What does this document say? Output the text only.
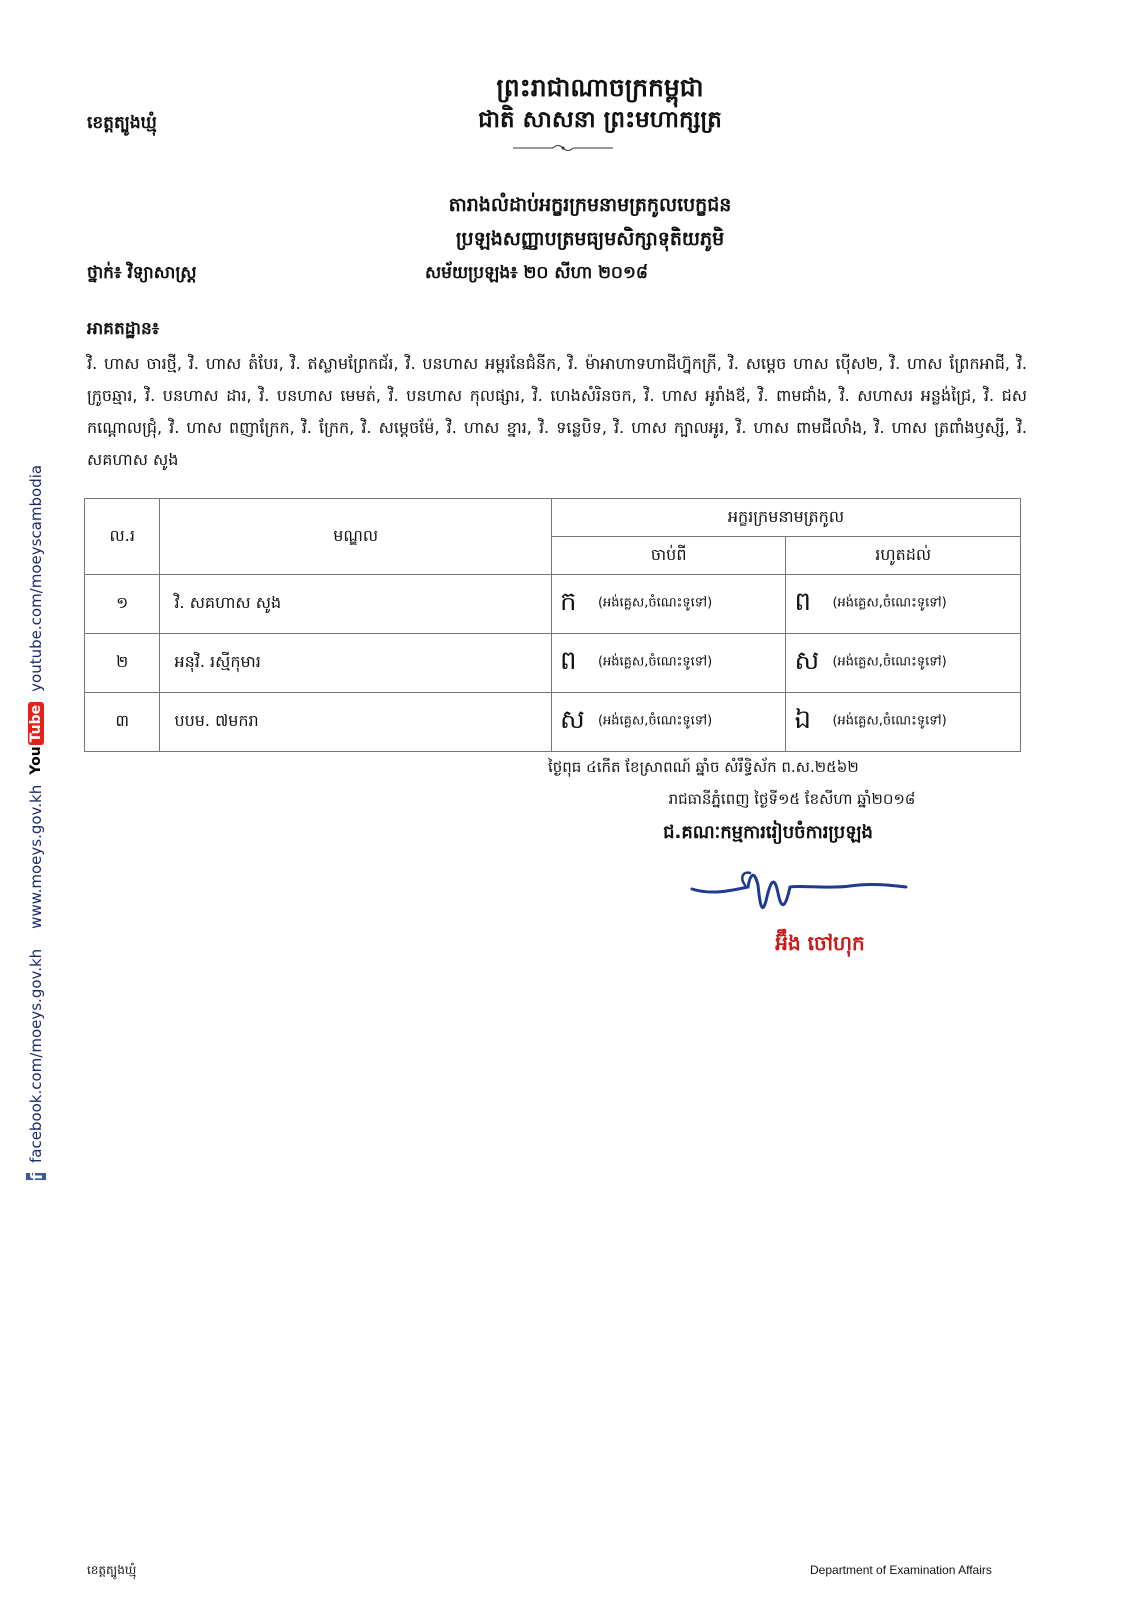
ខេត្តត្បូងឃ្មុំ
ព្រះរាជាណាចក្រកម្ពុជា
ជាតិ សាសនា ព្រះមហាក្សត្រ
តារាងលំដាប់អក្ខរក្រមនាមត្រកូលបេក្ខជន
ប្រឡងសញ្ញាបត្រមធ្យមសិក្សាទុតិយភូមិ
ថ្នាក់៖ វិទ្យាសាស្ត្រ	សម័យប្រឡង៖ ២០ សីហា ២០១៨
អាគតដ្ឋាន៖
វិ. ហាស ចារថ្មី, វិ. ហាស តំបែរ, វិ. ឥស្លាមព្រែកជ័រ, វិ. បនហាស អម្ពរនែជំនីក, វិ. ម៉ាអាហាទហាជីហ្វ៊ុកក្រី, វិ. សម្តេច ហាស ប៉ើស២, វិ. ហាស ព្រែកអាជី, វិ. ក្រូចឆ្មារ, វិ. បនហាស ដារ, វិ. បនហាស មេមត់, វិ. បនហាស កុលផ្សារ, វិ. ហេងសំរិនចក, វិ. ហាស អូរាំងឪ, វិ. ពាមជាំង, វិ. សហាសរ អន្លង់ជ្រៃ, វិ. ជស កណ្ដោលជ្រុំ, វិ. ហាស ពញាក្រែក, វិ. ក្រែក, វិ. សម្តេចម៉ែ, វិ. ហាស ខ្នារ, វិ. ទន្លេបិទ, វិ. ហាស ក្បាលអូរ, វិ. ហាស ពាមជីលាំង, វិ. ហាស ត្រពាំងឫស្សី, វិ. សគហាស សូង
ល.រ	មណ្ឌល	អក្ខរក្រមនាមត្រកូល	
		ចាប់ពី	រហូតដល់
១	វិ. សគហាស សូង	ក (អង់គ្លេស,ចំណេះទូទៅ)	ព (អង់គ្លេស,ចំណេះទូទៅ)
២	អនុវិ. រស្មីកុមារ	ព (អង់គ្លេស,ចំណេះទូទៅ)	ស (អង់គ្លេស,ចំណេះទូទៅ)
៣	បបម. ៧មករា	ស (អង់គ្លេស,ចំណេះទូទៅ)	ឯ (អង់គ្លេស,ចំណេះទូទៅ)
ថ្ងៃពុធ ៤កើត ខែស្រាពណ៍ ឆ្នាំច សំរឹទ្ធិស័ក ព.ស.២៥៦២
រាជធានីភ្នំពេញ ថ្ងៃទី១៥ ខែសីហា ឆ្នាំ២០១៨
ជ.គណៈកម្មការរៀបចំការប្រឡង
អ៊ឹង ចៅហុក
f
facebook.com/moeys.gov.kh
www.moeys.gov.kh
You
Tube
youtube.com/moeyscambodia
ខេត្តត្បូងឃ្មុំ	Department of Examination Affairs
